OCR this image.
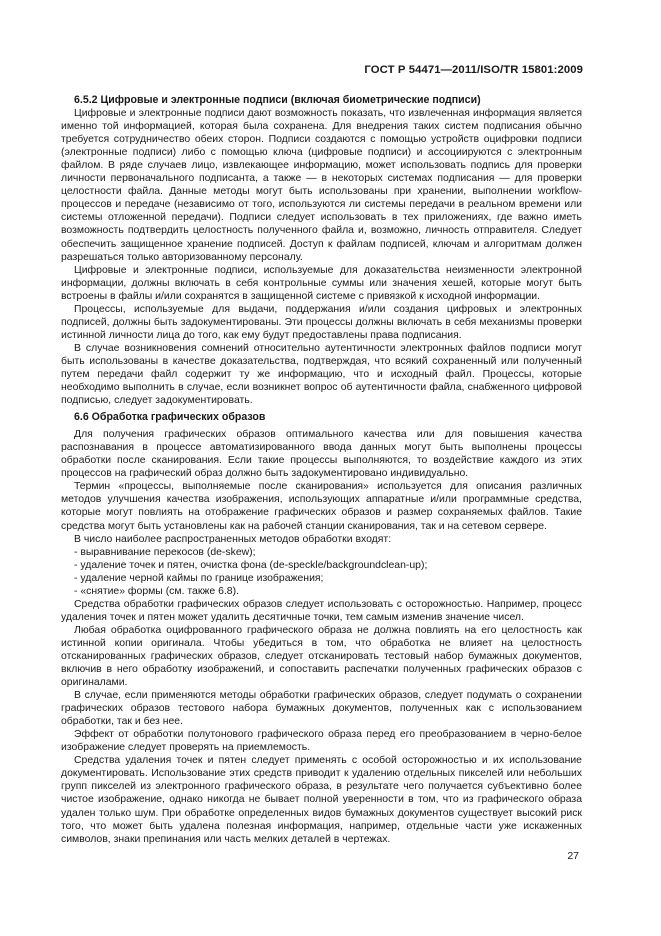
ГОСТ Р 54471—2011/ISO/TR 15801:2009
6.5.2 Цифровые и электронные подписи (включая биометрические подписи)

Цифровые и электронные подписи дают возможность показать, что извлеченная информация является именно той информацией, которая была сохранена. Для внедрения таких систем подписания обычно требуется сотрудничество обеих сторон. Подписи создаются с помощью устройств оцифровки подписи (электронные подписи) либо с помощью ключа (цифровые подписи) и ассоциируются с электронным файлом. В ряде случаев лицо, извлекающее информацию, может использовать подпись для проверки личности первоначального подписанта, а также — в некоторых системах подписания — для проверки целостности файла. Данные методы могут быть использованы при хранении, выполнении workflow-процессов и передаче (независимо от того, используются ли системы передачи в реальном времени или системы отложенной передачи). Подписи следует использовать в тех приложениях, где важно иметь возможность подтвердить целостность полученного файла и, возможно, личность отправителя. Следует обеспечить защищенное хранение подписей. Доступ к файлам подписей, ключам и алгоритмам должен разрешаться только авторизованному персоналу.

Цифровые и электронные подписи, используемые для доказательства неизменности электронной информации, должны включать в себя контрольные суммы или значения хешей, которые могут быть встроены в файлы и/или сохранятся в защищенной системе с привязкой к исходной информации.

Процессы, используемые для выдачи, поддержания и/или создания цифровых и электронных подписей, должны быть задокументированы. Эти процессы должны включать в себя механизмы проверки истинной личности лица до того, как ему будут предоставлены права подписания.

В случае возникновения сомнений относительно аутентичности электронных файлов подписи могут быть использованы в качестве доказательства, подтверждая, что всякий сохраненный или полученный путем передачи файл содержит ту же информацию, что и исходный файл. Процессы, которые необходимо выполнить в случае, если возникнет вопрос об аутентичности файла, снабженного цифровой подписью, следует задокументировать.

6.6 Обработка графических образов

Для получения графических образов оптимального качества или для повышения качества распознавания в процессе автоматизированного ввода данных могут быть выполнены процессы обработки после сканирования. Если такие процессы выполняются, то воздействие каждого из этих процессов на графический образ должно быть задокументировано индивидуально.

Термин «процессы, выполняемые после сканирования» используется для описания различных методов улучшения качества изображения, использующих аппаратные и/или программные средства, которые могут повлиять на отображение графических образов и размер сохраняемых файлов. Такие средства могут быть установлены как на рабочей станции сканирования, так и на сетевом сервере.

В число наиболее распространенных методов обработки входят:

- выравнивание перекосов (de-skew);
- удаление точек и пятен, очистка фона (de-speckle/backgroundclean-up);
- удаление черной каймы по границе изображения;
- «снятие» формы (см. также 6.8).

Средства обработки графических образов следует использовать с осторожностью. Например, процесс удаления точек и пятен может удалить десятичные точки, тем самым изменив значение чисел.

Любая обработка оцифрованного графического образа не должна повлиять на его целостность как истинной копии оригинала. Чтобы убедиться в том, что обработка не влияет на целостность отсканированных графических образов, следует отсканировать тестовый набор бумажных документов, включив в него обработку изображений, и сопоставить распечатки полученных графических образов с оригиналами.

В случае, если применяются методы обработки графических образов, следует подумать о сохранении графических образов тестового набора бумажных документов, полученных как с использованием обработки, так и без нее.

Эффект от обработки полутонового графического образа перед его преобразованием в черно-белое изображение следует проверять на приемлемость.

Средства удаления точек и пятен следует применять с особой осторожностью и их использование документировать. Использование этих средств приводит к удалению отдельных пикселей или небольших групп пикселей из электронного графического образа, в результате чего получается субъективно более чистое изображение, однако никогда не бывает полной уверенности в том, что из графического образа удален только шум. При обработке определенных видов бумажных документов существует высокий риск того, что может быть удалена полезная информация, например, отдельные части уже искаженных символов, знаки препинания или часть мелких деталей в чертежах.

27
